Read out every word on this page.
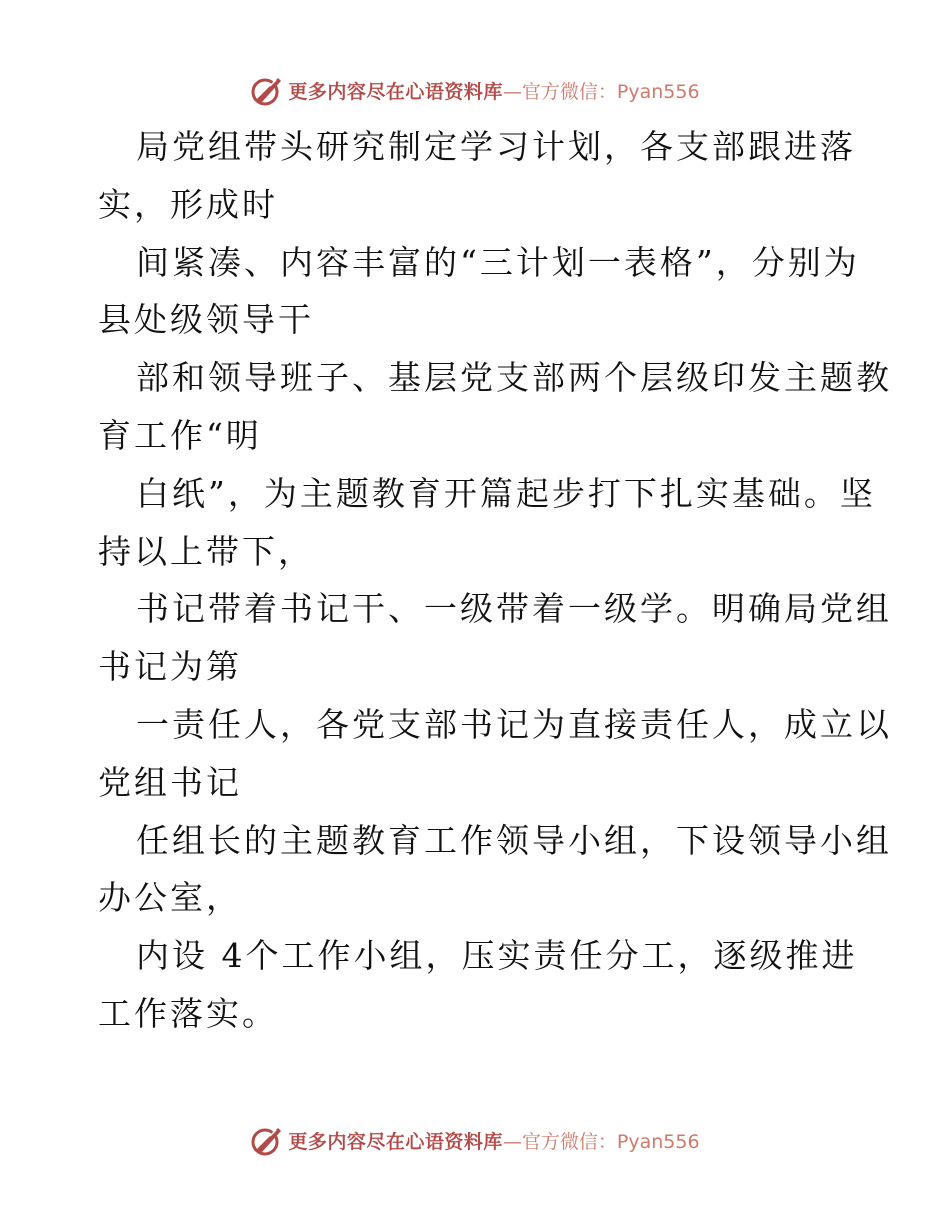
更多内容尽在心语资料库 —官方微信：Pyan556
局党组带头研究制定学习计划，各支部跟进落
实，形成时
间紧凑、内容丰富的“三计划一表格”，分别为
县处级领导干
部和领导班子、基层党支部两个层级印发主题教
育工作“明
白纸”，为主题教育开篇起步打下扎实基础。坚
持以上带下，
书记带着书记干、一级带着一级学。明确局党组
书记为第
一责任人，各党支部书记为直接责任人，成立以
党组书记
任组长的主题教育工作领导小组，下设领导小组
办公室，
内设 4个工作小组，压实责任分工，逐级推进
工作落实。
更多内容尽在心语资料库 —官方微信：Pyan556
